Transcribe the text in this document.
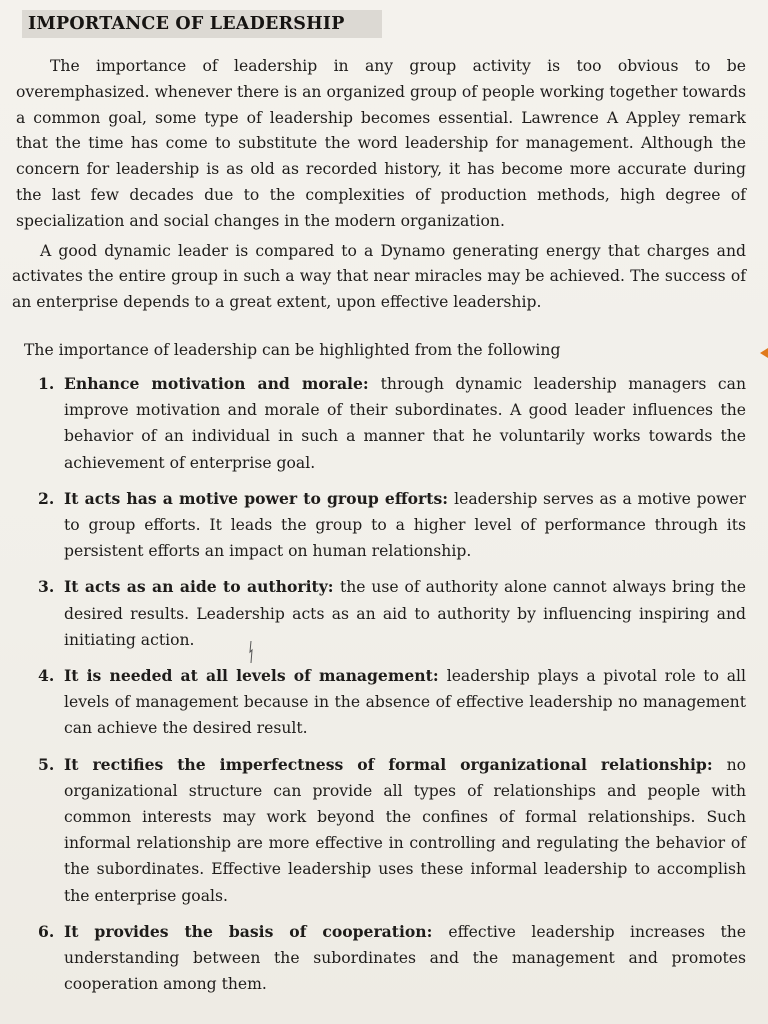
IMPORTANCE OF LEADERSHIP

The importance of leadership in any group activity is too obvious to be overemphasized. whenever there is an organized group of people working together towards a common goal, some type of leadership becomes essential. Lawrence A Appley remark that the time has come to substitute the word leadership for management. Although the concern for leadership is as old as recorded history, it has become more accurate during the last few decades due to the complexities of production methods, high degree of specialization and social changes in the modern organization.

A good dynamic leader is compared to a Dynamo generating energy that charges and activates the entire group in such a way that near miracles may be achieved. The success of an enterprise depends to a great extent, upon effective leadership.

The importance of leadership can be highlighted from the following
1. Enhance motivation and morale: through dynamic leadership managers can improve motivation and morale of their subordinates. A good leader influences the behavior of an individual in such a manner that he voluntarily works towards the achievement of enterprise goal.
2. It acts has a motive power to group efforts: leadership serves as a motive power to group efforts. It leads the group to a higher level of performance through its persistent efforts an impact on human relationship.
3. It acts as an aide to authority: the use of authority alone cannot always bring the desired results. Leadership acts as an aid to authority by influencing inspiring and initiating action.
4. It is needed at all levels of management: leadership plays a pivotal role to all levels of management because in the absence of effective leadership no management can achieve the desired result.
5. It rectifies the imperfectness of formal organizational relationship: no organizational structure can provide all types of relationships and people with common interests may work beyond the confines of formal relationships. Such informal relationship are more effective in controlling and regulating the behavior of the subordinates. Effective leadership uses these informal leadership to accomplish the enterprise goals.
6. It provides the basis of cooperation: effective leadership increases the understanding between the subordinates and the management and promotes cooperation among them.
